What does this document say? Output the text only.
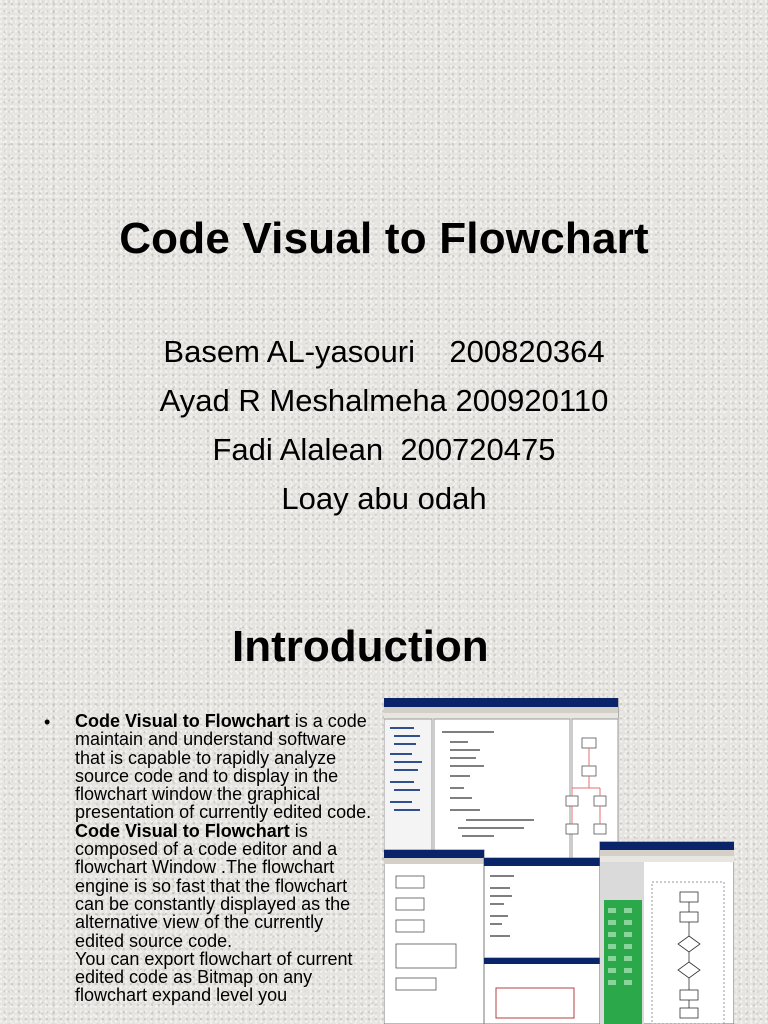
Code Visual to Flowchart

Basem AL-yasouri    200820364

Ayad R Meshalmeha 200920110

Fadi Alalean  200720475

Loay abu odah

Introduction
• Code Visual to Flowchart is a code maintain and understand software that is capable to rapidly analyze source code and to display in the flowchart window the graphical presentation of currently edited code.
Code Visual to Flowchart is composed of a code editor and a flowchart Window .The flowchart engine is so fast that the flowchart can be constantly displayed as the alternative view of the currently edited source code.
You can export flowchart of current edited code as Bitmap on any flowchart expand level you
